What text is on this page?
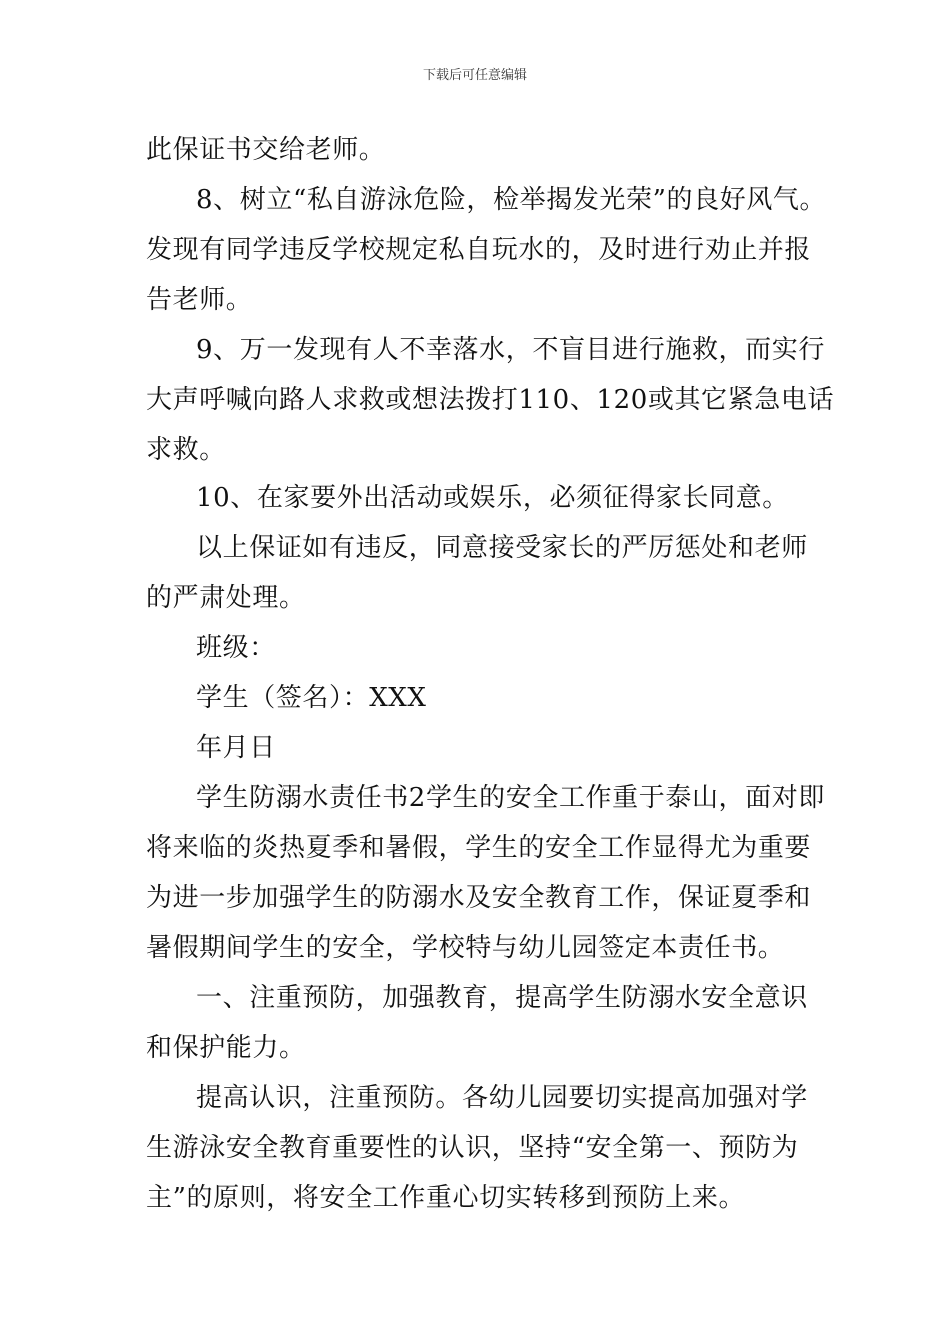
下载后可任意编辑
此保证书交给老师。
8、树立“私自游泳危险，检举揭发光荣”的良好风气。
发现有同学违反学校规定私自玩水的，及时进行劝止并报
告老师。
9、万一发现有人不幸落水，不盲目进行施救，而实行
大声呼喊向路人求救或想法拨打110、120或其它紧急电话
求救。
10、在家要外出活动或娱乐，必须征得家长同意。
以上保证如有违反，同意接受家长的严厉惩处和老师
的严肃处理。
班级：
学生（签名）：XXX
年月日
学生防溺水责任书2学生的安全工作重于泰山，面对即
将来临的炎热夏季和暑假，学生的安全工作显得尤为重要
为进一步加强学生的防溺水及安全教育工作，保证夏季和
暑假期间学生的安全，学校特与幼儿园签定本责任书。
一、注重预防，加强教育，提高学生防溺水安全意识
和保护能力。
提高认识，注重预防。各幼儿园要切实提高加强对学
生游泳安全教育重要性的认识，坚持“安全第一、预防为
主”的原则，将安全工作重心切实转移到预防上来。
